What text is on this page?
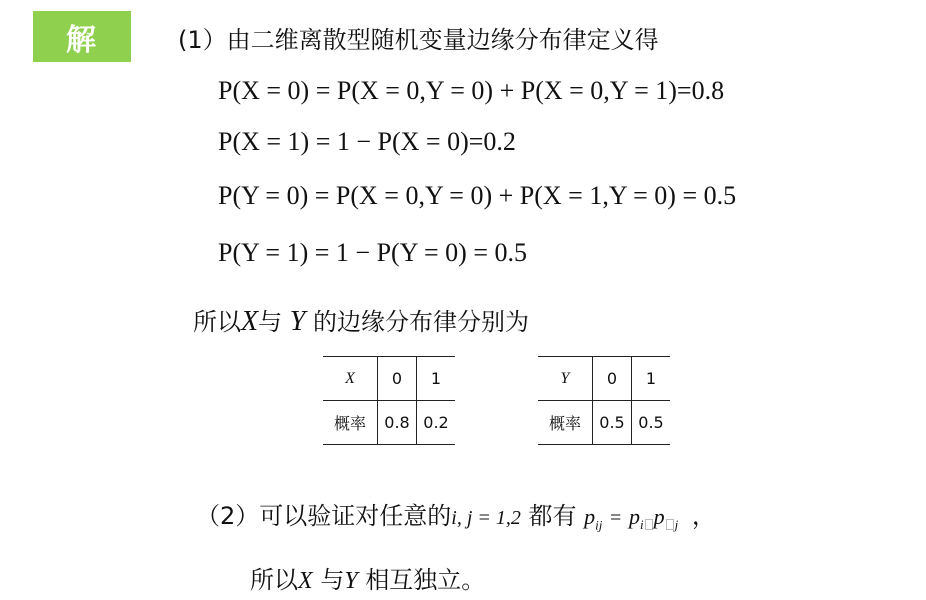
解	(1）由二维离散型随机变量边缘分布律定义得
P(X = 0) = P(X = 0,Y = 0) + P(X = 0,Y = 1)=0.8
P(X = 1) = 1 − P(X = 0)=0.2
P(Y = 0) = P(X = 0,Y = 0) + P(X = 1,Y = 0) = 0.5
P(Y = 1) = 1 − P(Y = 0) = 0.5
所以X与 Y 的边缘分布律分别为
X	0	1
概率	0.8	0.2
Y	0	1
概率	0.5	0.5
（2）可以验证对任意的i, j = 1,2 都有 $p_{ij} = p_i$ p $_j$ ，
所以X 与Y 相互独立。
